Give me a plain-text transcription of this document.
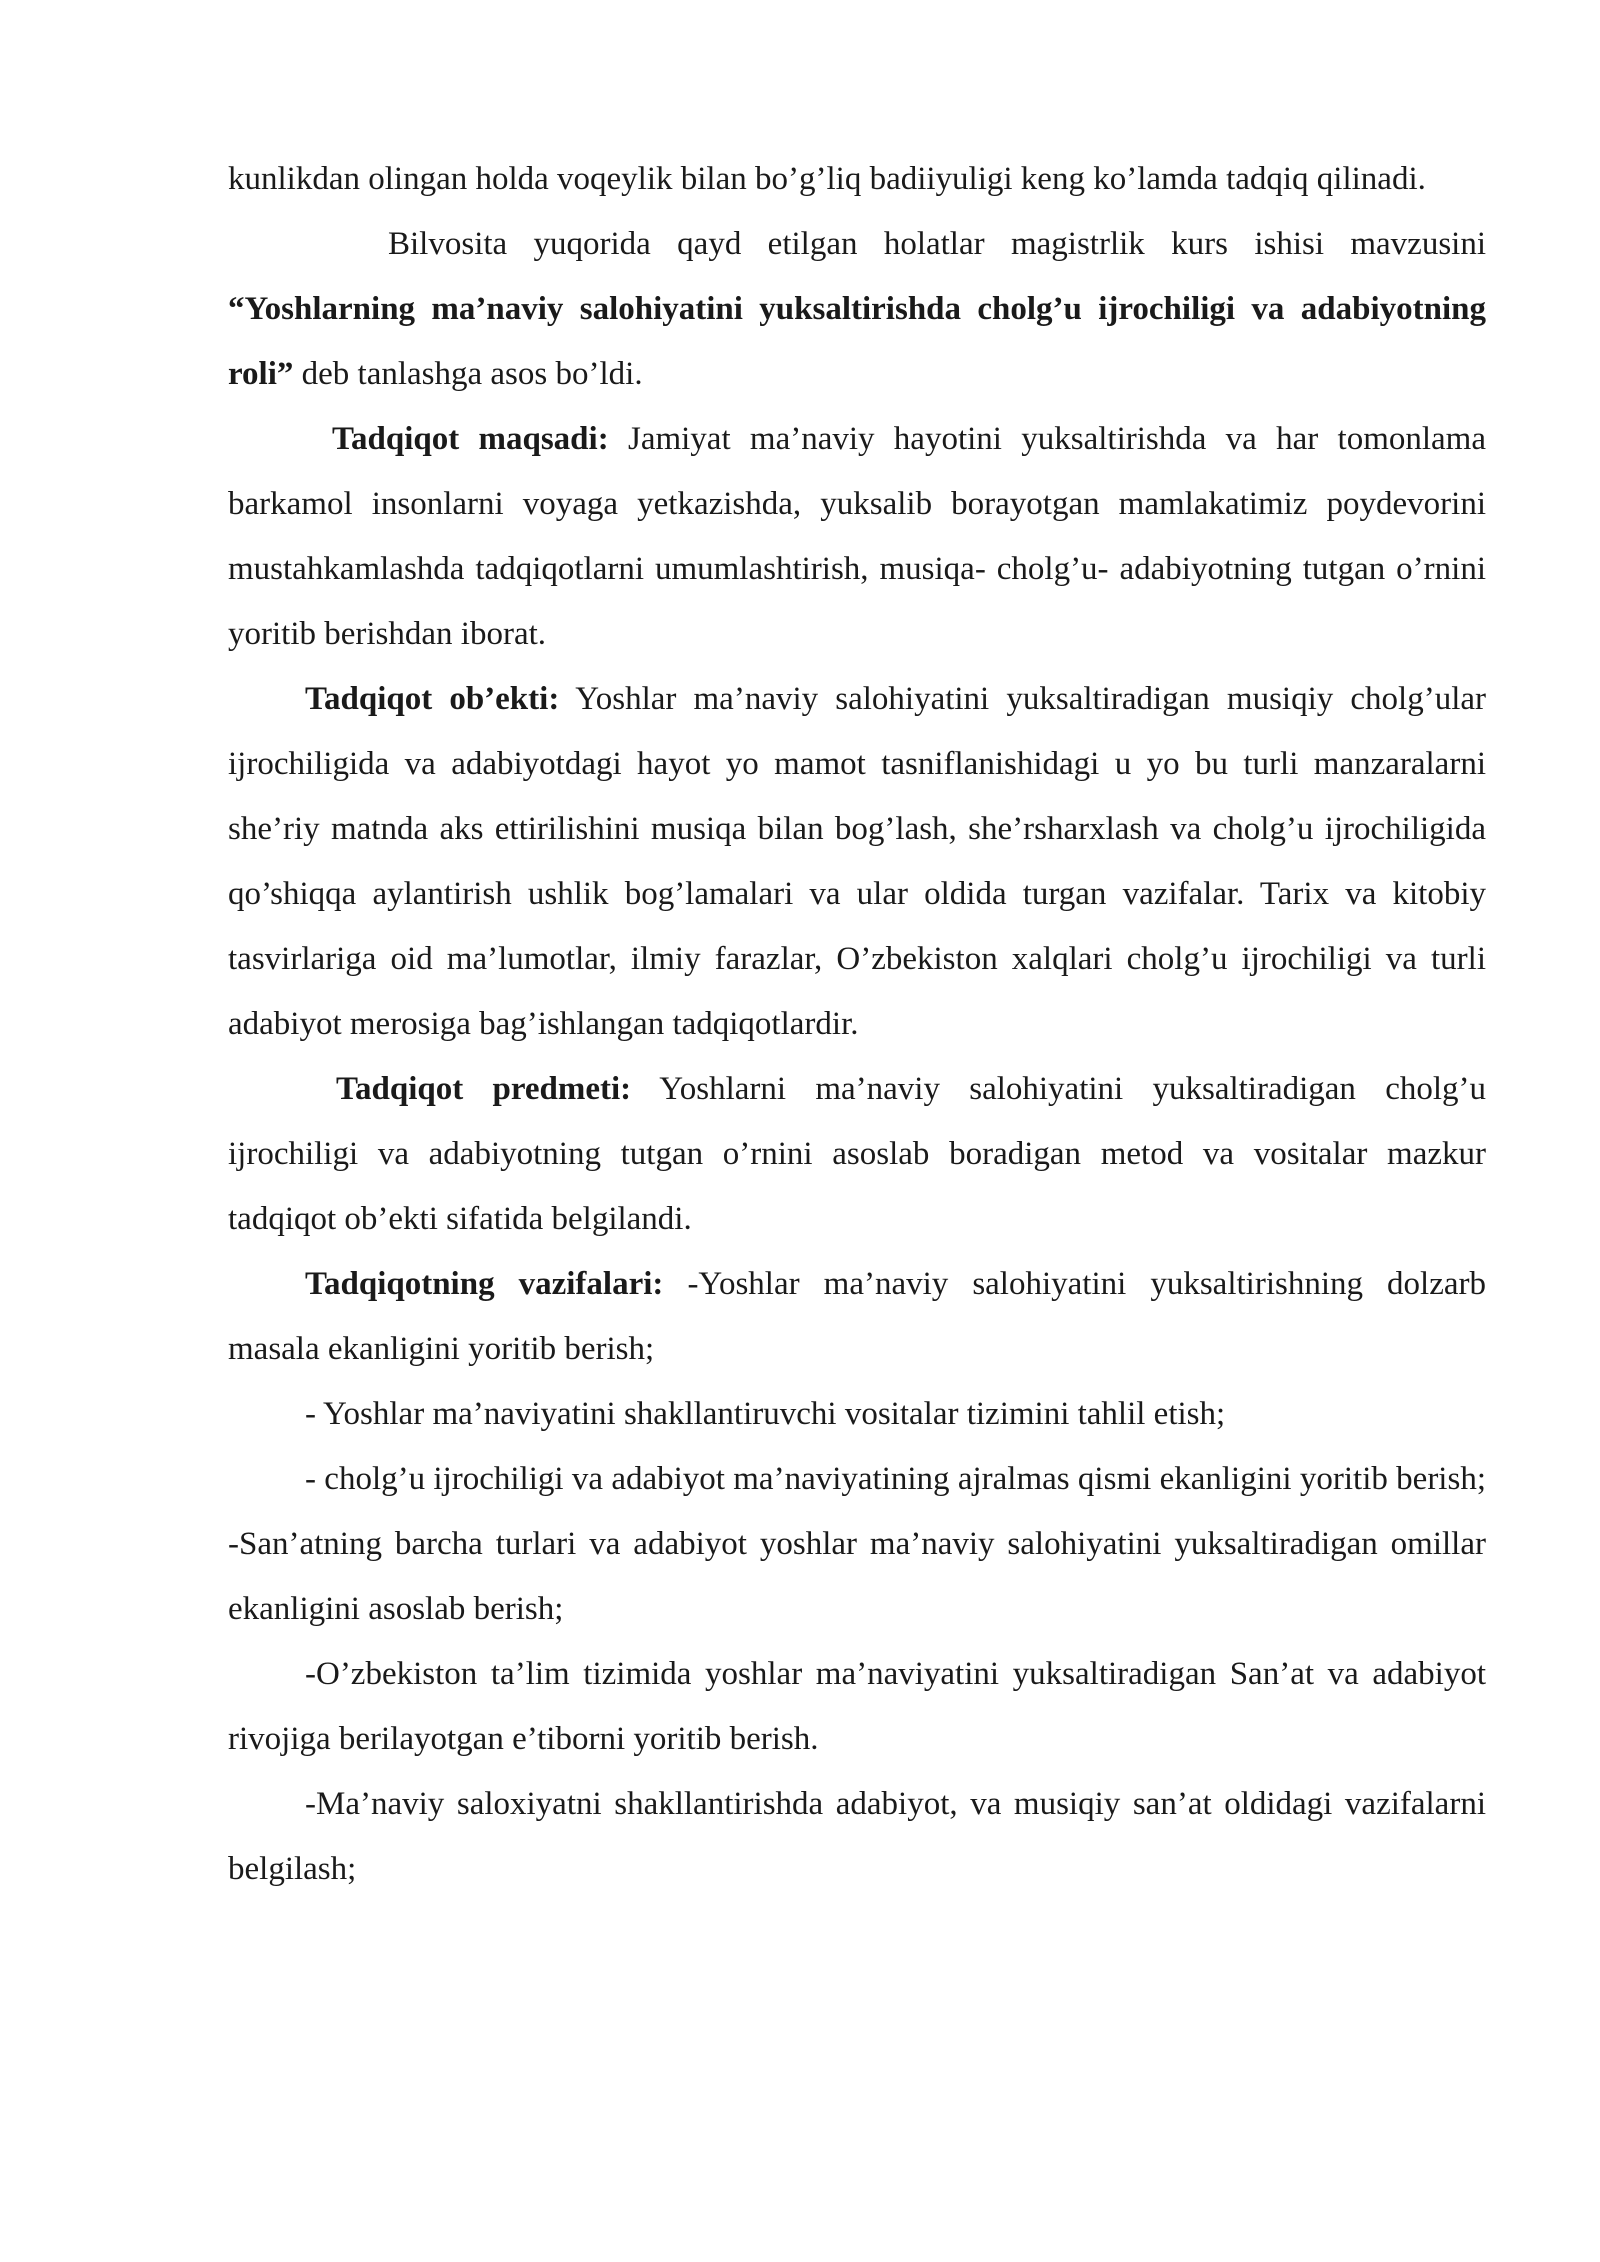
kunlikdan olingan holda voqeylik bilan bo’g’liq badiiyuligi keng ko’lamda tadqiq qilinadi.

Bilvosita yuqorida qayd etilgan holatlar magistrlik kurs ishisi mavzusini “Yoshlarning ma’naviy salohiyatini yuksaltirishda cholg’u ijrochiligi va adabiyotning roli” deb tanlashga asos bo’ldi.

Tadqiqot maqsadi: Jamiyat ma’naviy hayotini yuksaltirishda va har tomonlama barkamol insonlarni voyaga yetkazishda, yuksalib borayotgan mamlakatimiz poydevorini mustahkamlashda tadqiqotlarni umumlashtirish, musiqa- cholg’u- adabiyotning tutgan o’rnini yoritib berishdan iborat.

Tadqiqot ob’ekti: Yoshlar ma’naviy salohiyatini yuksaltiradigan musiqiy cholg’ular ijrochiligida va adabiyotdagi hayot yo mamot tasniflanishidagi u yo bu turli manzaralarni she’riy matnda aks ettirilishini musiqa bilan bog’lash, she’rsharxlash va cholg’u ijrochiligida qo’shiqqa aylantirish ushlik bog’lamalari va ular oldida turgan vazifalar. Tarix va kitobiy tasvirlariga oid ma’lumotlar, ilmiy farazlar, O’zbekiston xalqlari cholg’u ijrochiligi va turli adabiyot merosiga bag’ishlangan tadqiqotlardir.

Tadqiqot predmeti: Yoshlarni ma’naviy salohiyatini yuksaltiradigan cholg’u ijrochiligi va adabiyotning tutgan o’rnini asoslab boradigan metod va vositalar mazkur tadqiqot ob’ekti sifatida belgilandi.

Tadqiqotning vazifalari: -Yoshlar ma’naviy salohiyatini yuksaltirishning dolzarb masala ekanligini yoritib berish;

- Yoshlar ma’naviyatini shakllantiruvchi vositalar tizimini tahlil etish;

- cholg’u ijrochiligi va adabiyot ma’naviyatining ajralmas qismi ekanligini yoritib berish; -San’atning barcha turlari va adabiyot yoshlar ma’naviy salohiyatini yuksaltiradigan omillar ekanligini asoslab berish;

-O’zbekiston ta’lim tizimida yoshlar ma’naviyatini yuksaltiradigan San’at va adabiyot rivojiga berilayotgan e’tiborni yoritib berish.

-Ma’naviy saloxiyatni shakllantirishda adabiyot, va musiqiy san’at oldidagi vazifalarni belgilash;
